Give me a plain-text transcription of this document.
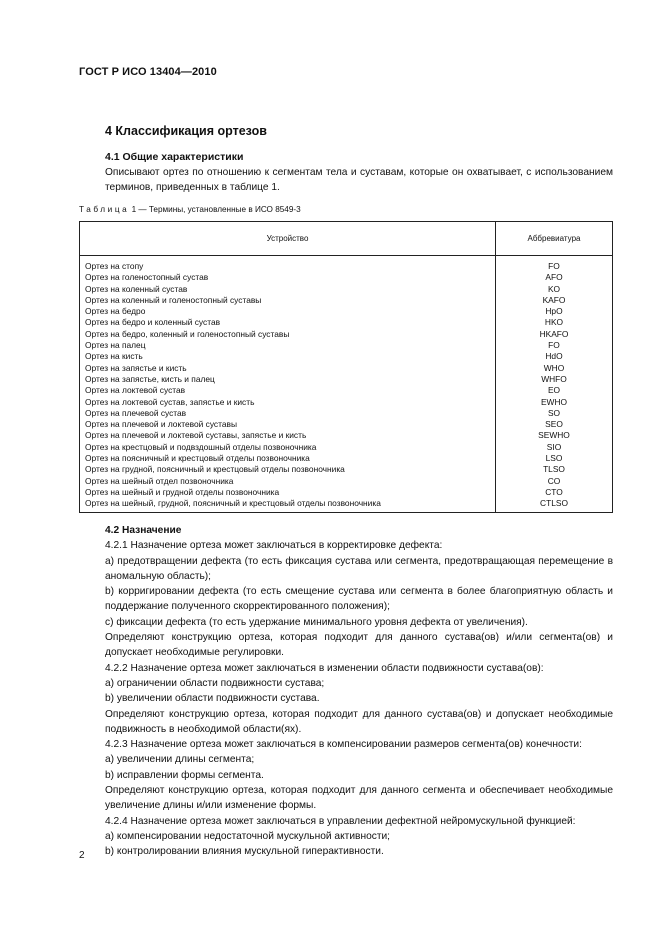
ГОСТ Р ИСО 13404—2010
4 Классификация ортезов
4.1 Общие характеристики
Описывают ортез по отношению к сегментам тела и суставам, которые он охватывает, с использованием терминов, приведенных в таблице 1.
Таблица 1 — Термины, установленные в ИСО 8549-3
Устройство	Аббревиатура
Ортез на стопу	FO
Ортез на голеностопный сустав	AFO
Ортез на коленный сустав	KO
Ортез на коленный и голеностопный суставы	KAFO
Ортез на бедро	HpO
Ортез на бедро и коленный сустав	HKO
Ортез на бедро, коленный и голеностопный суставы	HKAFO
Ортез на палец	FO
Ортез на кисть	HdO
Ортез на запястье и кисть	WHO
Ортез на запястье, кисть и палец	WHFO
Ортез на локтевой сустав	EO
Ортез на локтевой сустав, запястье и кисть	EWHO
Ортез на плечевой сустав	SO
Ортез на плечевой и локтевой суставы	SEO
Ортез на плечевой и локтевой суставы, запястье и кисть	SEWHO
Ортез на крестцовый и подвздошный отделы позвоночника	SIO
Ортез на поясничный и крестцовый отделы позвоночника	LSO
Ортез на грудной, поясничный и крестцовый отделы позвоночника	TLSO
Ортез на шейный отдел позвоночника	CO
Ортез на шейный и грудной отделы позвоночника	CTO
Ортез на шейный, грудной, поясничный и крестцовый отделы позвоночника	CTLSO
4.2 Назначение
4.2.1 Назначение ортеза может заключаться в корректировке дефекта:
a) предотвращении дефекта (то есть фиксация сустава или сегмента, предотвращающая перемещение в аномальную область);
b) корригировании дефекта (то есть смещение сустава или сегмента в более благоприятную область и поддержание полученного скорректированного положения);
c) фиксации дефекта (то есть удержание минимального уровня дефекта от увеличения).
Определяют конструкцию ортеза, которая подходит для данного сустава(ов) и/или сегмента(ов) и допускает необходимые регулировки.
4.2.2 Назначение ортеза может заключаться в изменении области подвижности сустава(ов):
a) ограничении области подвижности сустава;
b) увеличении области подвижности сустава.
Определяют конструкцию ортеза, которая подходит для данного сустава(ов) и допускает необходимые подвижность в необходимой области(ях).
4.2.3 Назначение ортеза может заключаться в компенсировании размеров сегмента(ов) конечности:
a) увеличении длины сегмента;
b) исправлении формы сегмента.
Определяют конструкцию ортеза, которая подходит для данного сегмента и обеспечивает необходимые увеличение длины и/или изменение формы.
4.2.4 Назначение ортеза может заключаться в управлении дефектной нейромускульной функцией:
a) компенсировании недостаточной мускульной активности;
b) контролировании влияния мускульной гиперактивности.
2
